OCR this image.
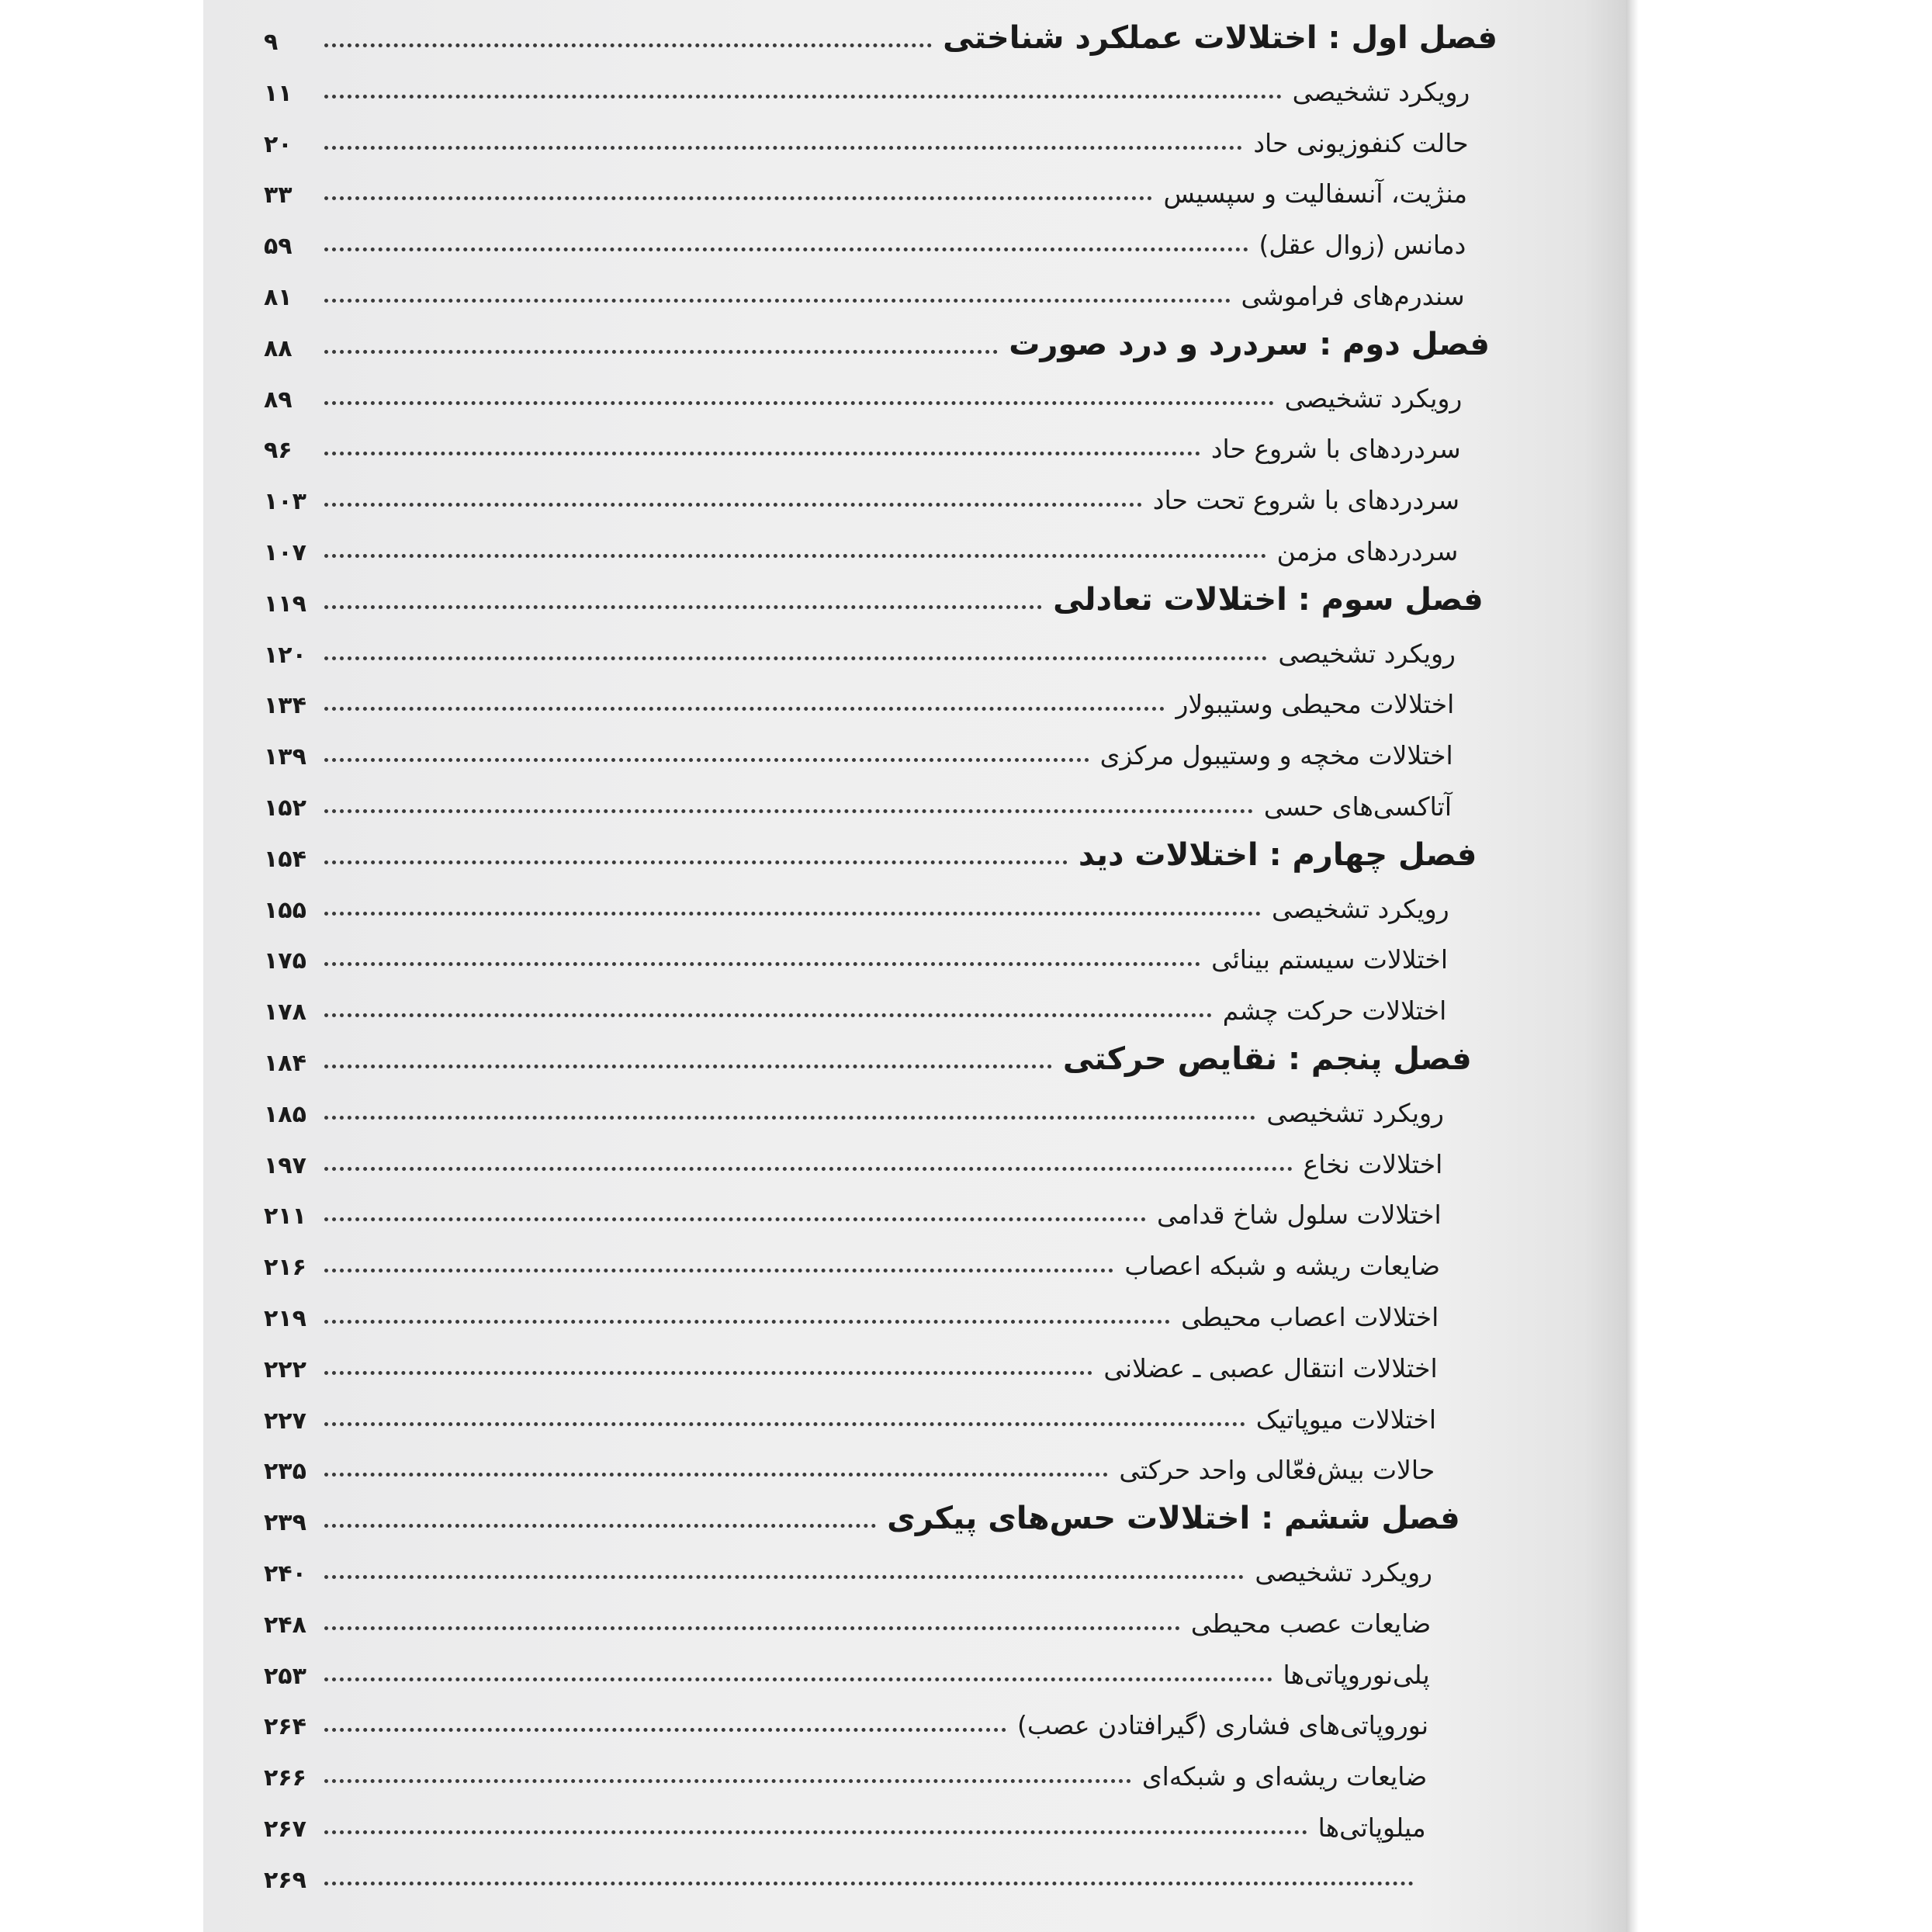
فصل اول : اختلالات عملکرد شناختی
۹
رویکرد تشخیصی
۱۱
حالت کنفوزیونی حاد
۲۰
منژیت، آنسفالیت و سپسیس
۳۳
دمانس (زوال عقل)
۵۹
سندرم‌های فراموشی
۸۱
فصل دوم : سردرد و درد صورت
۸۸
رویکرد تشخیصی
۸۹
سردردهای با شروع حاد
۹۶
سردردهای با شروع تحت حاد
۱۰۳
سردردهای مزمن
۱۰۷
فصل سوم : اختلالات تعادلی
۱۱۹
رویکرد تشخیصی
۱۲۰
اختلالات محیطی وستیبولار
۱۳۴
اختلالات مخچه و وستیبول مرکزی
۱۳۹
آتاکسی‌های حسی
۱۵۲
فصل چهارم : اختلالات دید
۱۵۴
رویکرد تشخیصی
۱۵۵
اختلالات سیستم بینائی
۱۷۵
اختلالات حرکت چشم
۱۷۸
فصل پنجم : نقایص حرکتی
۱۸۴
رویکرد تشخیصی
۱۸۵
اختلالات نخاع
۱۹۷
اختلالات سلول شاخ قدامی
۲۱۱
ضایعات ریشه و شبکه اعصاب
۲۱۶
اختلالات اعصاب محیطی
۲۱۹
اختلالات انتقال عصبی ـ عضلانی
۲۲۲
اختلالات میوپاتیک
۲۲۷
حالات بیش‌فعّالی واحد حرکتی
۲۳۵
فصل ششم : اختلالات حس‌های پیکری
۲۳۹
رویکرد تشخیصی
۲۴۰
ضایعات عصب محیطی
۲۴۸
پلی‌نوروپاتی‌ها
۲۵۳
نوروپاتی‌های فشاری (گیرافتادن عصب)
۲۶۴
ضایعات ریشه‌ای و شبکه‌ای
۲۶۶
میلوپاتی‌ها
۲۶۷
۲۶۹
